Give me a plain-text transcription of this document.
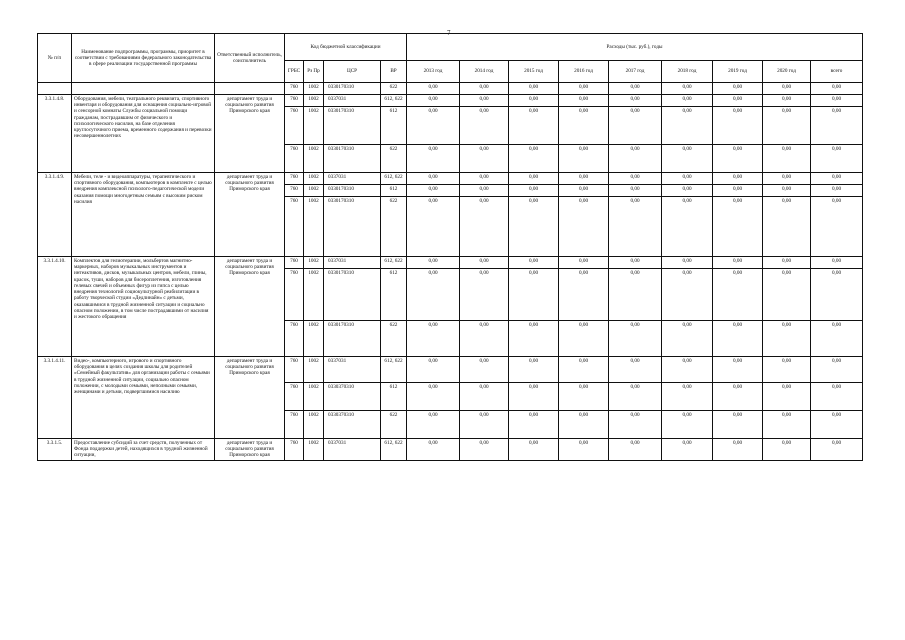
7
№ п/п	Наименование подпрограммы, программы, приоритет в соответствии с требованиями федерального законодательства в сфере реализации государственной программы	Ответственный исполнитель, соисполнитель	Код бюджетной классификации				Расходы (тыс. руб.), годы								
			ГРБС	Рз Пр	ЦСР	ВР	2013 год	2014 год	2015 год	2016 год	2017 год	2018 год	2019 год	2020 год	всего
			760	1002	0330170310	622	0,00	0,00	0,00	0,00	0,00	0,00	0,00	0,00	0,00
3.3.1.4.8.	Оборудования, мебели, театрального реквизита, спортивного инвентаря и оборудования для оснащения социально-игровой и сенсорной комнаты Службы социальной помощи гражданам, пострадавшим от физического и психологического насилия, на базе отделения круглосуточного приема, временного содержания и перевозки несовершеннолетних	департамент труда и социального развития Приморского края	760	1002	0337031	612, 622	0,00	0,00	0,00	0,00	0,00	0,00	0,00	0,00	0,00
			760	1002	0330170310	612	0,00	0,00	0,00	0,00	0,00	0,00	0,00	0,00	0,00
			760	1002	0330170310	622	0,00	0,00	0,00	0,00	0,00	0,00	0,00	0,00	0,00
3.3.1.4.9.	Мебели, теле - и видеоаппаратуры, терапевтического и спортивного оборудования, компьютеров в комплекте с целью внедрения комплексной психолого-педагогической модели оказания помощи многодетным семьям с высоким риском насилия	департамент труда и социального развития Приморского края	760	1002	0337031	612, 622	0,00	0,00	0,00	0,00	0,00	0,00	0,00	0,00	0,00
			760	1002	0330170310	612	0,00	0,00	0,00	0,00	0,00	0,00	0,00	0,00	0,00
			760	1002	0330170310	622	0,00	0,00	0,00	0,00	0,00	0,00	0,00	0,00	0,00
3.3.1.4.10.	Комплектов для гелиотерапии, мольбертов магнитно-маркерных, наборов музыкальных инструментов и интеактивов, дисков, музыкальных центров, мебели, глины, красок, туши, наборов для бисероплетения, изготовления гелевых свечей и объемных фигур из гипса с целью внедрения технологий социокультурной реабилитации в работу творческой студии «Дедлинайн» с детьми, оказавшимися в трудной жизненной ситуации и социально опасном положении, в том числе пострадавшими от насилия и жестокого обращения	департамент труда и социального развития Приморского края	760	1002	0337031	612, 622	0,00	0,00	0,00	0,00	0,00	0,00	0,00	0,00	0,00
			760	1002	0330170310	612	0,00	0,00	0,00	0,00	0,00	0,00	0,00	0,00	0,00
			760	1002	0330170310	622	0,00	0,00	0,00	0,00	0,00	0,00	0,00	0,00	0,00
3.3.1.4.11.	Видео-, компьютерного, игрового и спортивного оборудования в целях создания школы для родителей «Семейный факультатив» для организации работы с семьями в трудной жизненной ситуации, социально опасном положении, с молодыми семьями, неполными семьями, женщинами и детьми, подвергшимися насилию	департамент труда и социального развития Приморского края	760	1002	0337031	612, 622	0,00	0,00	0,00	0,00	0,00	0,00	0,00	0,00	0,00
			760	1002	0330370310	612	0,00	0,00	0,00	0,00	0,00	0,00	0,00	0,00	0,00
			760	1002	0330370310	622	0,00	0,00	0,00	0,00	0,00	0,00	0,00	0,00	0,00
3.3.1.5.	Предоставление субсидий за счет средств, полученных от Фонда поддержки детей, находящихся в трудной жизненной ситуации,	департамент труда и социального развития Приморского края	760	1002	0337031	612, 622	0,00	0,00	0,00	0,00	0,00	0,00	0,00	0,00	0,00
